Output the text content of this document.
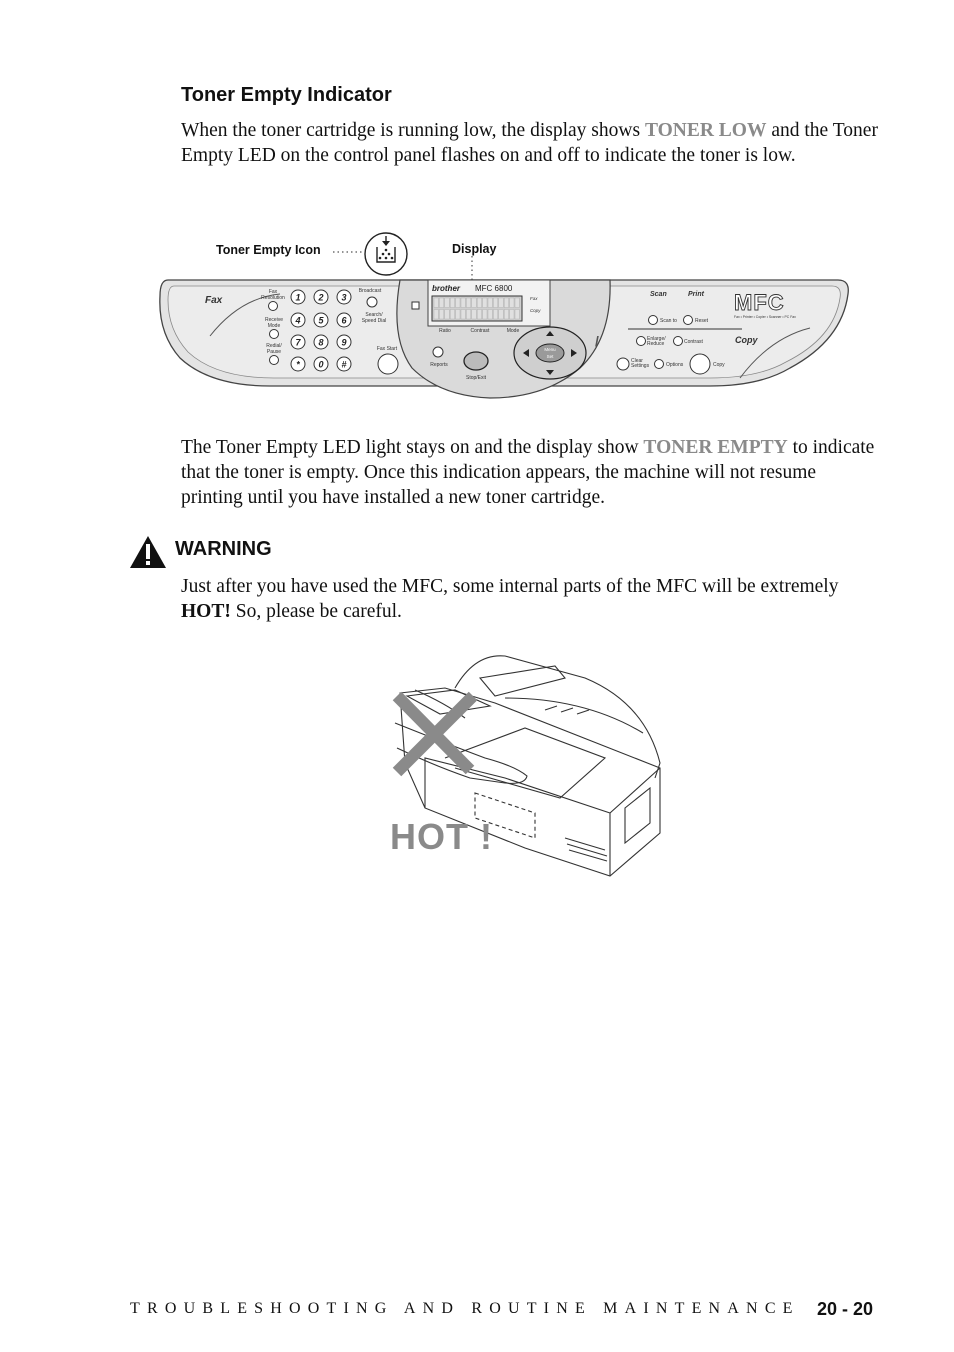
Toner Empty Indicator
When the toner cartridge is running low, the display shows TONER LOW and the Toner Empty LED on the control panel flashes on and off to indicate the toner is low.
Toner Empty Icon	Display
Fax
Fax
Resolution
Receive
Mode
Redial/
Pause
1 2 3
4 5 6
7 8 9
* 0 #
Broadcast
Search/
Speed Dial
Fax Start
brother MFC 6800
Fax
Copy
Ratio	Contrast	Mode
Reports
Stop/Exit
Menu
Set
/
Scan	Print
Scan to	Reset
Enlarge/
Reduce	Contrast
Clear
Settings	Options	Copy
Copy
MFC
Fax • Printer • Copier • Scanner • PC Fax
The Toner Empty LED light stays on and the display show TONER EMPTY to indicate that the toner is empty. Once this indication appears, the machine will not resume printing until you have installed a new toner cartridge.
WARNING
Just after you have used the MFC, some internal parts of the MFC will be extremely HOT! So, please be careful.
HOT !
TROUBLESHOOTING AND ROUTINE MAINTENANCE 20 - 20
